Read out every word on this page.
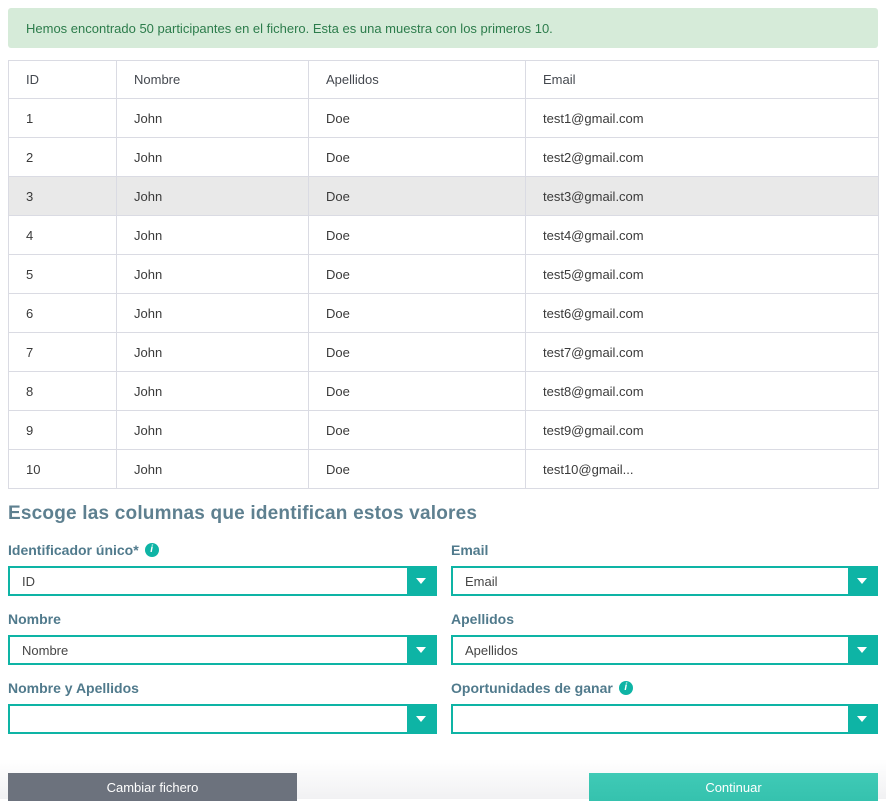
Hemos encontrado 50 participantes en el fichero. Esta es una muestra con los primeros 10.
ID	Nombre	Apellidos	Email
1	John	Doe	test1@gmail.com
2	John	Doe	test2@gmail.com
3	John	Doe	test3@gmail.com
4	John	Doe	test4@gmail.com
5	John	Doe	test5@gmail.com
6	John	Doe	test6@gmail.com
7	John	Doe	test7@gmail.com
8	John	Doe	test8@gmail.com
9	John	Doe	test9@gmail.com
10	John	Doe	test10@gmail...
Escoge las columnas que identifican estos valores
Identificador único*
i
ID
Email
Email
Nombre
Nombre
Apellidos
Apellidos
Nombre y Apellidos	Oportunidades de ganar
i
Cambiar fichero	Continuar
